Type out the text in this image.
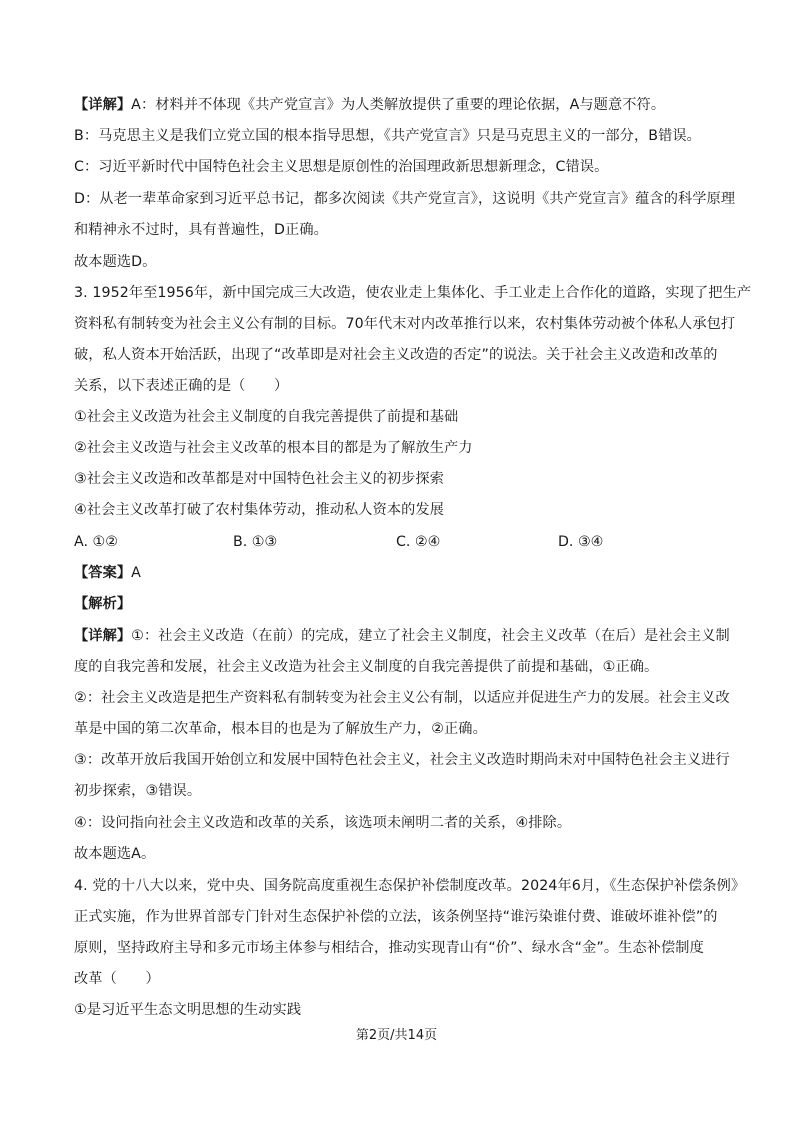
【详解】A：材料并不体现《共产党宣言》为人类解放提供了重要的理论依据，A与题意不符。
B：马克思主义是我们立党立国的根本指导思想，《共产党宣言》只是马克思主义的一部分，B错误。
C：习近平新时代中国特色社会主义思想是原创性的治国理政新思想新理念，C错误。
D：从老一辈革命家到习近平总书记，都多次阅读《共产党宣言》，这说明《共产党宣言》蕴含的科学原理
和精神永不过时，具有普遍性，D正确。
故本题选D。
3. 1952年至1956年，新中国完成三大改造，使农业走上集体化、手工业走上合作化的道路，实现了把生产
资料私有制转变为社会主义公有制的目标。70年代末对内改革推行以来，农村集体劳动被个体私人承包打
破，私人资本开始活跃，出现了“改革即是对社会主义改造的否定”的说法。关于社会主义改造和改革的
关系，以下表述正确的是（　　）
①社会主义改造为社会主义制度的自我完善提供了前提和基础
②社会主义改造与社会主义改革的根本目的都是为了解放生产力
③社会主义改造和改革都是对中国特色社会主义的初步探索
④社会主义改革打破了农村集体劳动，推动私人资本的发展
A. ①②	B. ①③	C. ②④	D. ③④
【答案】A
【解析】
【详解】①：社会主义改造（在前）的完成，建立了社会主义制度，社会主义改革（在后）是社会主义制
度的自我完善和发展，社会主义改造为社会主义制度的自我完善提供了前提和基础，①正确。
②：社会主义改造是把生产资料私有制转变为社会主义公有制，以适应并促进生产力的发展。社会主义改
革是中国的第二次革命，根本目的也是为了解放生产力，②正确。
③：改革开放后我国开始创立和发展中国特色社会主义，社会主义改造时期尚未对中国特色社会主义进行
初步探索，③错误。
④：设问指向社会主义改造和改革的关系，该选项未阐明二者的关系，④排除。
故本题选A。
4. 党的十八大以来，党中央、国务院高度重视生态保护补偿制度改革。2024年6月，《生态保护补偿条例》
正式实施，作为世界首部专门针对生态保护补偿的立法，该条例坚持“谁污染谁付费、谁破坏谁补偿”的
原则，坚持政府主导和多元市场主体参与相结合，推动实现青山有“价”、绿水含“金”。生态补偿制度
改革（　　）
①是习近平生态文明思想的生动实践
第2页/共14页
